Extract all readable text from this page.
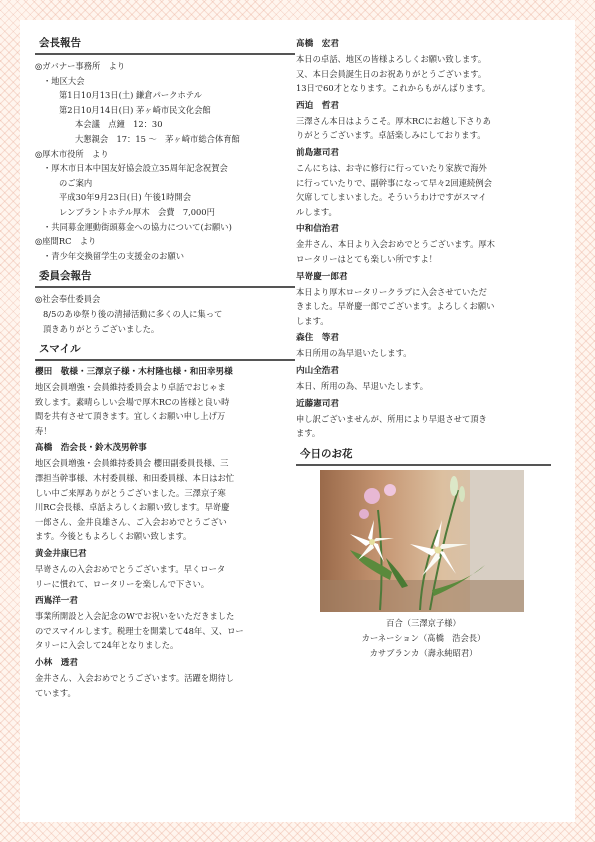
会長報告
◎ガバナー事務所　より
・地区大会
第1日10月13日(土) 鎌倉パークホテル
第2日10月14日(日) 茅ヶ崎市民文化会館
本会議　点鐘　12：30
大懇親会　17：15 ～　茅ヶ崎市総合体育館
◎厚木市役所　より
・厚木市日本中国友好協会設立35周年記念祝賀会
のご案内
平成30年9月23日(日) 午後1時開会
レンブラントホテル厚木　会費　7,000円
・共同募金運動街頭募金への協力について(お願い)
◎座間RC　より
・青少年交換留学生の支援金のお願い
委員会報告
◎社会奉仕委員会
8/5のあゆ祭り後の清掃活動に多くの人に集って
頂きありがとうございました。
スマイル
櫻田　敬様・三澤京子様・木村隆也様・和田幸男様
地区会員増強・会員維持委員会より卓話でおじゃま
致します。素晴らしい会場で厚木RCの皆様と良い時
間を共有させて頂きます。宜しくお願い申し上げ万
寿！
髙橋　浩会長・鈴木茂男幹事
地区会員増強・会員維持委員会 櫻田副委員長様、三
澤担当幹事様、木村委員様、和田委員様、本日はお忙
しい中ご来厚ありがとうございました。三澤京子寒
川RC会長様、卓話よろしくお願い致します。早嵜慶
一郎さん、金井良雄さん、ご入会おめでとうござい
ます。今後ともよろしくお願い致します。
黄金井康巳君
早嵜さんの入会おめでとうございます。早くロータ
リーに慣れて、ロータリーを楽しんで下さい。
西嶌洋一君
事業所開設と入会記念のWでお祝いをいただきました
のでスマイルします。税理士を開業して48年、又、ロー
タリーに入会して24年となりました。
小林　透君
金井さん、入会おめでとうございます。活躍を期待し
ています。
髙橋　宏君
本日の卓話、地区の皆様よろしくお願い致します。
又、本日会員誕生日のお祝ありがとうございます。
13日で60才となります。これからもがんばります。
西迫　哲君
三澤さん本日はようこそ。厚木RCにお越し下さりあ
りがとうございます。卓話楽しみにしております。
前島憲司君
こんにちは、お寺に修行に行っていたり家族で海外
に行っていたりで、副幹事になって早々2回連続例会
欠席してしまいました。そういうわけですがスマイ
ルします。
中和信治君
金井さん、本日より入会おめでとうございます。厚木
ロータリーはとても楽しい所ですよ！
早嵜慶一郎君
本日より厚木ロータリークラブに入会させていただ
きました。早嵜慶一郎でございます。よろしくお願い
します。
森住　等君
本日所用の為早退いたします。
内山全浩君
本日、所用の為、早退いたします。
近藤憲司君
申し訳ございませんが、所用により早退させて頂き
ます。
今日のお花
百合（三澤京子様）
カーネーション（髙橋　浩会長）
カサブランカ（壽永純昭君）
